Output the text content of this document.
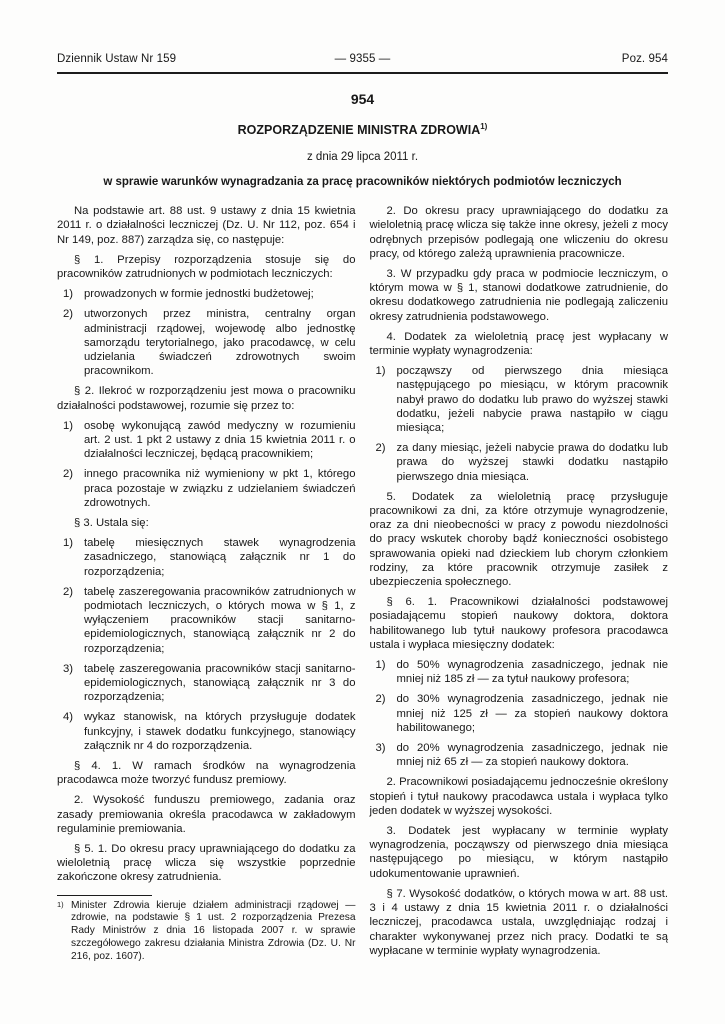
Dziennik Ustaw Nr 159	— 9355 —	Poz. 954
954
ROZPORZĄDZENIE MINISTRA ZDROWIA$^{1)}$
z dnia 29 lipca 2011 r.
w sprawie warunków wynagradzania za pracę pracowników niektórych podmiotów leczniczych

Na podstawie art. 88 ust. 9 ustawy z dnia 15 kwietnia 2011 r. o działalności leczniczej (Dz. U. Nr 112, poz. 654 i Nr 149, poz. 887) zarządza się, co następuje:

§ 1. Przepisy rozporządzenia stosuje się do pracowników zatrudnionych w podmiotach leczniczych:

1) prowadzonych w formie jednostki budżetowej;
2) utworzonych przez ministra, centralny organ administracji rządowej, wojewodę albo jednostkę samorządu terytorialnego, jako pracodawcę, w celu udzielania świadczeń zdrowotnych swoim pracownikom.

§ 2. Ilekroć w rozporządzeniu jest mowa o pracowniku działalności podstawowej, rozumie się przez to:

1) osobę wykonującą zawód medyczny w rozumieniu art. 2 ust. 1 pkt 2 ustawy z dnia 15 kwietnia 2011 r. o działalności leczniczej, będącą pracownikiem;
2) innego pracownika niż wymieniony w pkt 1, którego praca pozostaje w związku z udzielaniem świadczeń zdrowotnych.

§ 3. Ustala się:

1) tabelę miesięcznych stawek wynagrodzenia zasadniczego, stanowiącą załącznik nr 1 do rozporządzenia;
2) tabelę zaszeregowania pracowników zatrudnionych w podmiotach leczniczych, o których mowa w § 1, z wyłączeniem pracowników stacji sanitarno-epidemiologicznych, stanowiącą załącznik nr 2 do rozporządzenia;
3) tabelę zaszeregowania pracowników stacji sanitarno-epidemiologicznych, stanowiącą załącznik nr 3 do rozporządzenia;
4) wykaz stanowisk, na których przysługuje dodatek funkcyjny, i stawek dodatku funkcyjnego, stanowiący załącznik nr 4 do rozporządzenia.

§ 4. 1. W ramach środków na wynagrodzenia pracodawca może tworzyć fundusz premiowy.

2. Wysokość funduszu premiowego, zadania oraz zasady premiowania określa pracodawca w zakładowym regulaminie premiowania.

§ 5. 1. Do okresu pracy uprawniającego do dodatku za wieloletnią pracę wlicza się wszystkie poprzednie zakończone okresy zatrudnienia.

1) Minister Zdrowia kieruje działem administracji rządowej — zdrowie, na podstawie § 1 ust. 2 rozporządzenia Prezesa Rady Ministrów z dnia 16 listopada 2007 r. w sprawie szczegółowego zakresu działania Ministra Zdrowia (Dz. U. Nr 216, poz. 1607).

2. Do okresu pracy uprawniającego do dodatku za wieloletnią pracę wlicza się także inne okresy, jeżeli z mocy odrębnych przepisów podlegają one wliczeniu do okresu pracy, od którego zależą uprawnienia pracownicze.

3. W przypadku gdy praca w podmiocie leczniczym, o którym mowa w § 1, stanowi dodatkowe zatrudnienie, do okresu dodatkowego zatrudnienia nie podlegają zaliczeniu okresy zatrudnienia podstawowego.

4. Dodatek za wieloletnią pracę jest wypłacany w terminie wypłaty wynagrodzenia:

1) począwszy od pierwszego dnia miesiąca następującego po miesiącu, w którym pracownik nabył prawo do dodatku lub prawo do wyższej stawki dodatku, jeżeli nabycie prawa nastąpiło w ciągu miesiąca;
2) za dany miesiąc, jeżeli nabycie prawa do dodatku lub prawa do wyższej stawki dodatku nastąpiło pierwszego dnia miesiąca.

5. Dodatek za wieloletnią pracę przysługuje pracownikowi za dni, za które otrzymuje wynagrodzenie, oraz za dni nieobecności w pracy z powodu niezdolności do pracy wskutek choroby bądź konieczności osobistego sprawowania opieki nad dzieckiem lub chorym członkiem rodziny, za które pracownik otrzymuje zasiłek z ubezpieczenia społecznego.

§ 6. 1. Pracownikowi działalności podstawowej posiadającemu stopień naukowy doktora, doktora habilitowanego lub tytuł naukowy profesora pracodawca ustala i wypłaca miesięczny dodatek:

1) do 50% wynagrodzenia zasadniczego, jednak nie mniej niż 185 zł — za tytuł naukowy profesora;
2) do 30% wynagrodzenia zasadniczego, jednak nie mniej niż 125 zł — za stopień naukowy doktora habilitowanego;
3) do 20% wynagrodzenia zasadniczego, jednak nie mniej niż 65 zł — za stopień naukowy doktora.

2. Pracownikowi posiadającemu jednocześnie określony stopień i tytuł naukowy pracodawca ustala i wypłaca tylko jeden dodatek w wyższej wysokości.

3. Dodatek jest wypłacany w terminie wypłaty wynagrodzenia, począwszy od pierwszego dnia miesiąca następującego po miesiącu, w którym nastąpiło udokumentowanie uprawnień.

§ 7. Wysokość dodatków, o których mowa w art. 88 ust. 3 i 4 ustawy z dnia 15 kwietnia 2011 r. o działalności leczniczej, pracodawca ustala, uwzględniając rodzaj i charakter wykonywanej przez nich pracy. Dodatki te są wypłacane w terminie wypłaty wynagrodzenia.
